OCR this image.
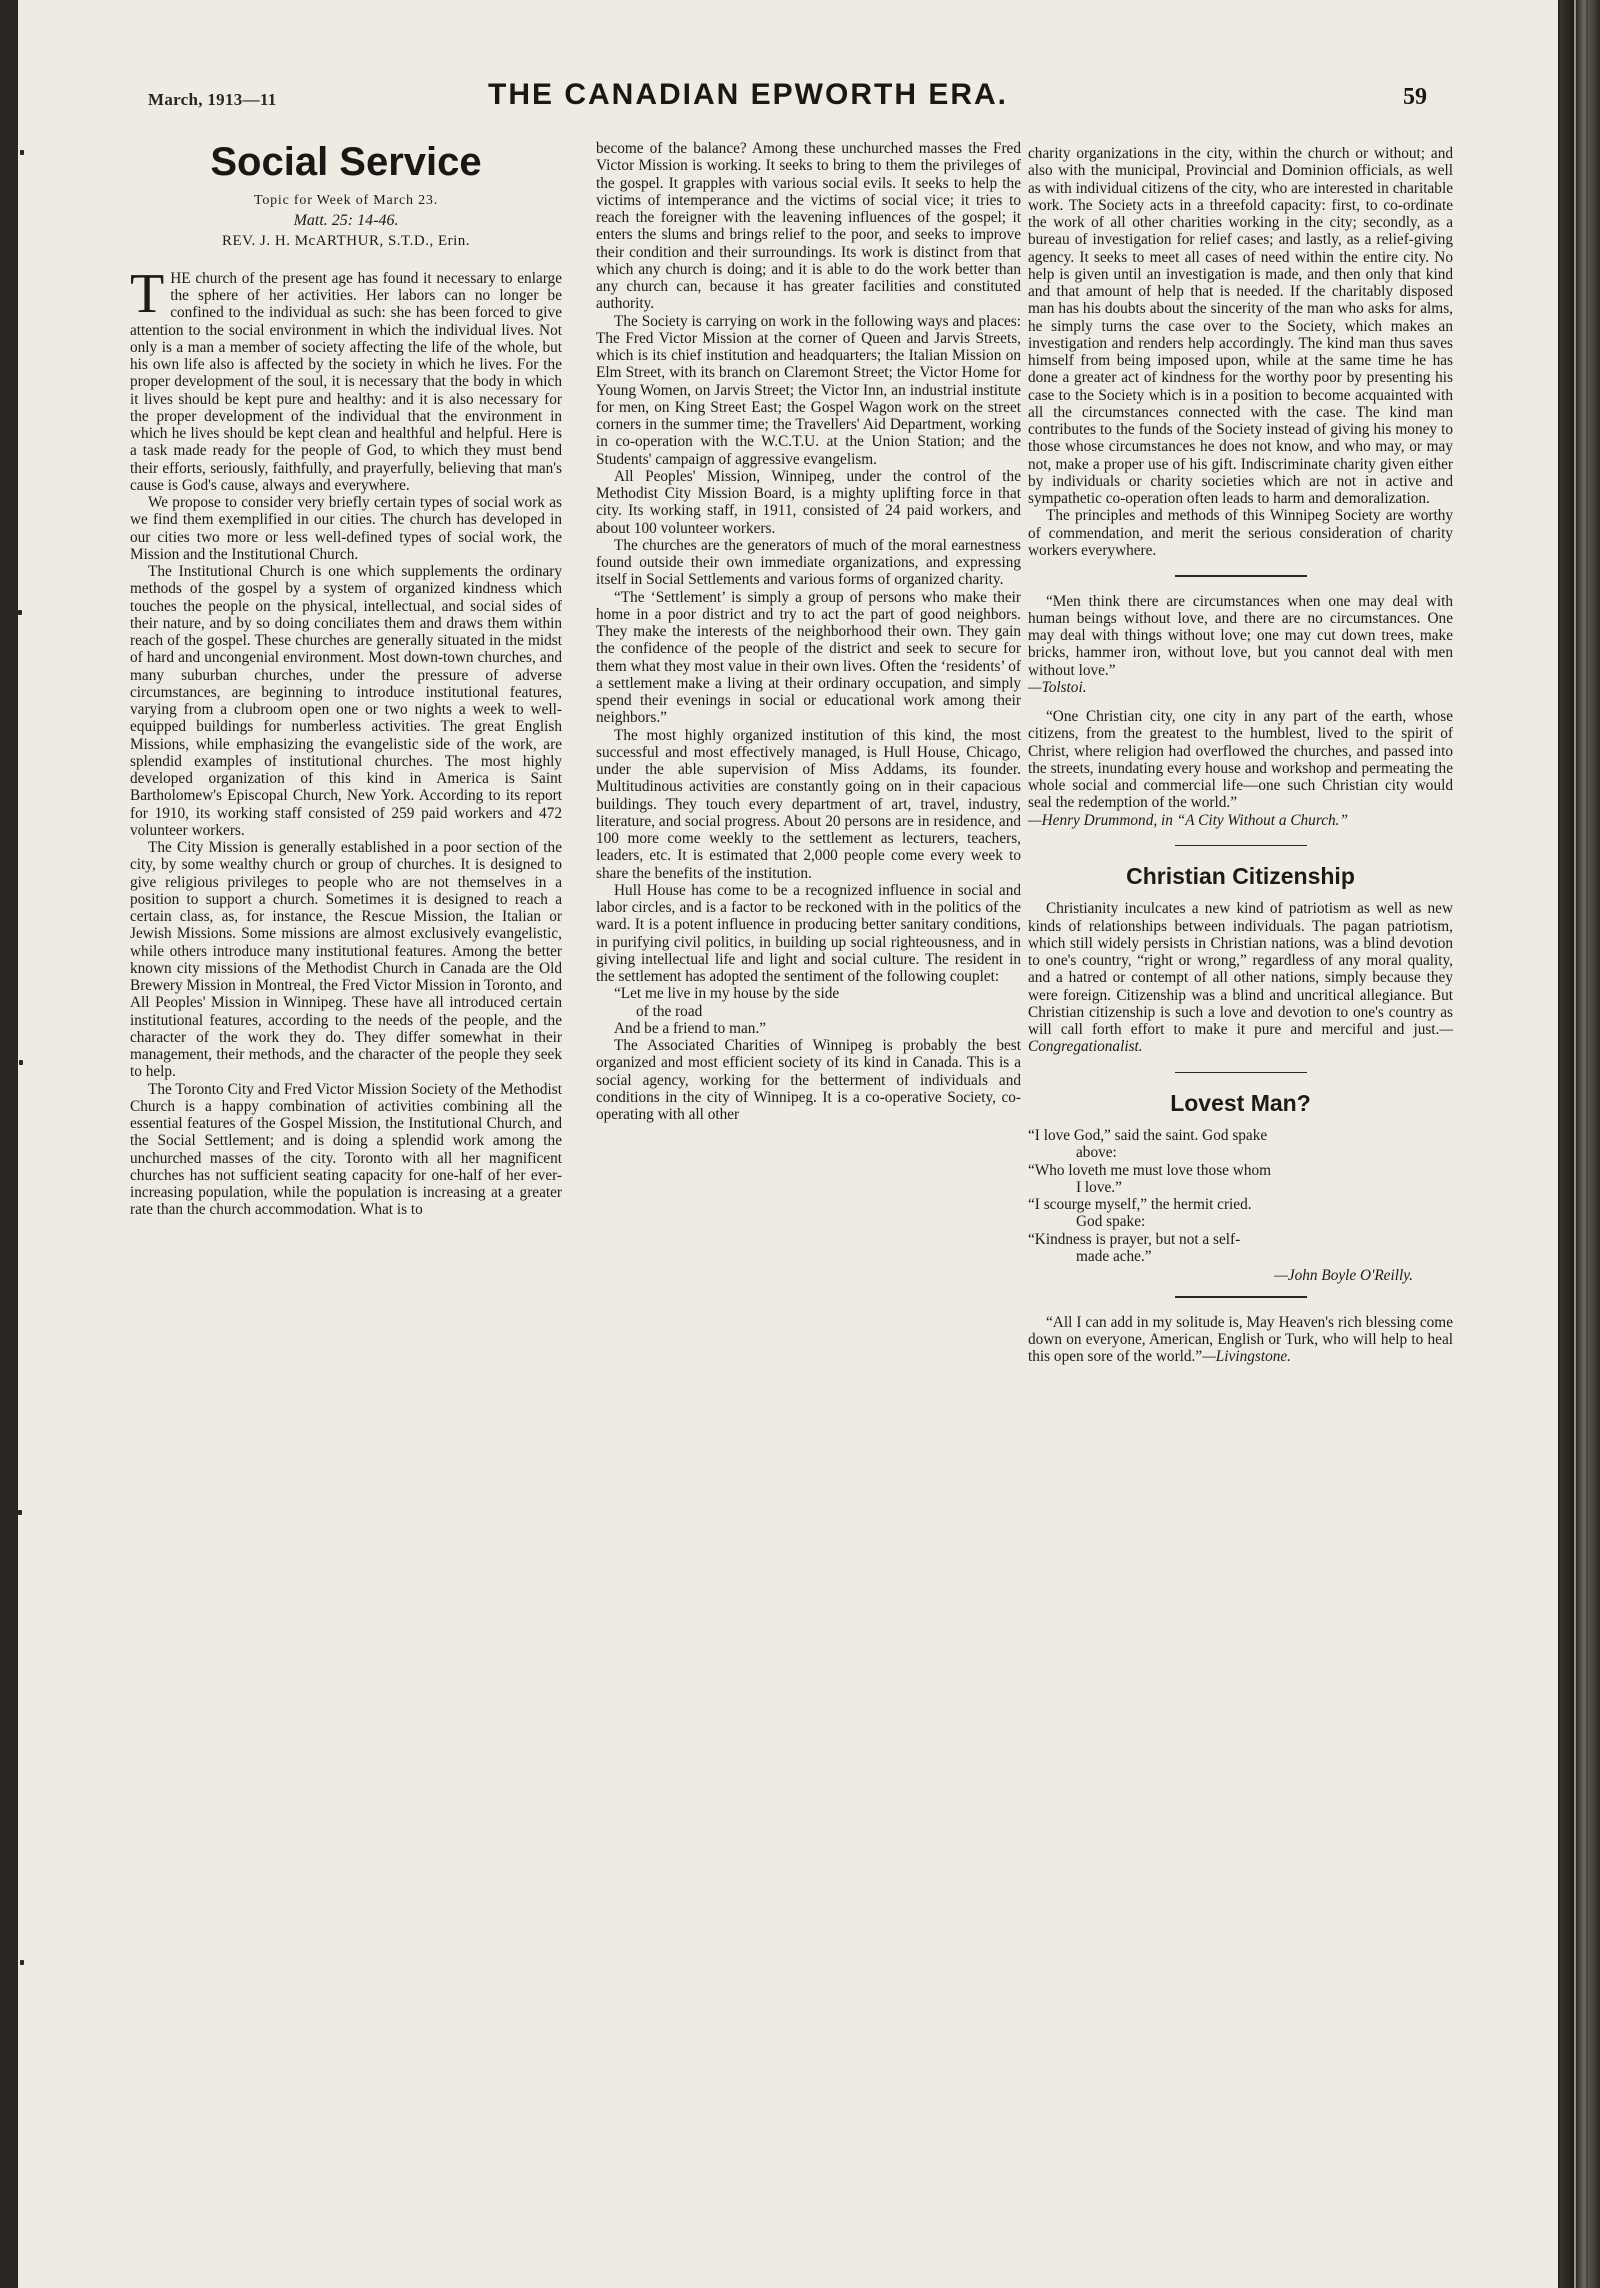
March, 1913—11	THE CANADIAN EPWORTH ERA.	59
Social Service
Topic for Week of March 23.
Matt. 25: 14-46.
REV. J. H. McARTHUR, S.T.D., Erin.

THE church of the present age has found it necessary to enlarge the sphere of her activities. Her labors can no longer be confined to the individual as such: she has been forced to give attention to the social environment in which the individual lives. Not only is a man a member of society affecting the life of the whole, but his own life also is affected by the society in which he lives. For the proper development of the soul, it is necessary that the body in which it lives should be kept pure and healthy: and it is also necessary for the proper development of the individual that the environment in which he lives should be kept clean and healthful and helpful. Here is a task made ready for the people of God, to which they must bend their efforts, seriously, faithfully, and prayerfully, believing that man's cause is God's cause, always and everywhere.

We propose to consider very briefly certain types of social work as we find them exemplified in our cities. The church has developed in our cities two more or less well-defined types of social work, the Mission and the Institutional Church.

The Institutional Church is one which supplements the ordinary methods of the gospel by a system of organized kindness which touches the people on the physical, intellectual, and social sides of their nature, and by so doing conciliates them and draws them within reach of the gospel. These churches are generally situated in the midst of hard and uncongenial environment. Most down-town churches, and many suburban churches, under the pressure of adverse circumstances, are beginning to introduce institutional features, varying from a clubroom open one or two nights a week to well-equipped buildings for numberless activities. The great English Missions, while emphasizing the evangelistic side of the work, are splendid examples of institutional churches. The most highly developed organization of this kind in America is Saint Bartholomew's Episcopal Church, New York. According to its report for 1910, its working staff consisted of 259 paid workers and 472 volunteer workers.

The City Mission is generally established in a poor section of the city, by some wealthy church or group of churches. It is designed to give religious privileges to people who are not themselves in a position to support a church. Sometimes it is designed to reach a certain class, as, for instance, the Rescue Mission, the Italian or Jewish Missions. Some missions are almost exclusively evangelistic, while others introduce many institutional features. Among the better known city missions of the Methodist Church in Canada are the Old Brewery Mission in Montreal, the Fred Victor Mission in Toronto, and All Peoples' Mission in Winnipeg. These have all introduced certain institutional features, according to the needs of the people, and the character of the work they do. They differ somewhat in their management, their methods, and the character of the people they seek to help.

The Toronto City and Fred Victor Mission Society of the Methodist Church is a happy combination of activities combining all the essential features of the Gospel Mission, the Institutional Church, and the Social Settlement; and is doing a splendid work among the unchurched masses of the city. Toronto with all her magnificent churches has not sufficient seating capacity for one-half of her ever-increasing population, while the population is increasing at a greater rate than the church accommodation. What is to

become of the balance? Among these unchurched masses the Fred Victor Mission is working. It seeks to bring to them the privileges of the gospel. It grapples with various social evils. It seeks to help the victims of intemperance and the victims of social vice; it tries to reach the foreigner with the leavening influences of the gospel; it enters the slums and brings relief to the poor, and seeks to improve their condition and their surroundings. Its work is distinct from that which any church is doing; and it is able to do the work better than any church can, because it has greater facilities and constituted authority.

The Society is carrying on work in the following ways and places: The Fred Victor Mission at the corner of Queen and Jarvis Streets, which is its chief institution and headquarters; the Italian Mission on Elm Street, with its branch on Claremont Street; the Victor Home for Young Women, on Jarvis Street; the Victor Inn, an industrial institute for men, on King Street East; the Gospel Wagon work on the street corners in the summer time; the Travellers' Aid Department, working in co-operation with the W.C.T.U. at the Union Station; and the Students' campaign of aggressive evangelism.

All Peoples' Mission, Winnipeg, under the control of the Methodist City Mission Board, is a mighty uplifting force in that city. Its working staff, in 1911, consisted of 24 paid workers, and about 100 volunteer workers.

The churches are the generators of much of the moral earnestness found outside their own immediate organizations, and expressing itself in Social Settlements and various forms of organized charity.

“The ‘Settlement’ is simply a group of persons who make their home in a poor district and try to act the part of good neighbors. They make the interests of the neighborhood their own. They gain the confidence of the people of the district and seek to secure for them what they most value in their own lives. Often the ‘residents’ of a settlement make a living at their ordinary occupation, and simply spend their evenings in social or educational work among their neighbors.”

The most highly organized institution of this kind, the most successful and most effectively managed, is Hull House, Chicago, under the able supervision of Miss Addams, its founder. Multitudinous activities are constantly going on in their capacious buildings. They touch every department of art, travel, industry, literature, and social progress. About 20 persons are in residence, and 100 more come weekly to the settlement as lecturers, teachers, leaders, etc. It is estimated that 2,000 people come every week to share the benefits of the institution.

Hull House has come to be a recognized influence in social and labor circles, and is a factor to be reckoned with in the politics of the ward. It is a potent influence in producing better sanitary conditions, in purifying civil politics, in building up social righteousness, and in giving intellectual life and light and social culture. The resident in the settlement has adopted the sentiment of the following couplet:

“Let me live in my house by the side
of the road
And be a friend to man.”

The Associated Charities of Winnipeg is probably the best organized and most efficient society of its kind in Canada. This is a social agency, working for the betterment of individuals and conditions in the city of Winnipeg. It is a co-operative Society, co-operating with all other

charity organizations in the city, within the church or without; and also with the municipal, Provincial and Dominion officials, as well as with individual citizens of the city, who are interested in charitable work. The Society acts in a threefold capacity: first, to co-ordinate the work of all other charities working in the city; secondly, as a bureau of investigation for relief cases; and lastly, as a relief-giving agency. It seeks to meet all cases of need within the entire city. No help is given until an investigation is made, and then only that kind and that amount of help that is needed. If the charitably disposed man has his doubts about the sincerity of the man who asks for alms, he simply turns the case over to the Society, which makes an investigation and renders help accordingly. The kind man thus saves himself from being imposed upon, while at the same time he has done a greater act of kindness for the worthy poor by presenting his case to the Society which is in a position to become acquainted with all the circumstances connected with the case. The kind man contributes to the funds of the Society instead of giving his money to those whose circumstances he does not know, and who may, or may not, make a proper use of his gift. Indiscriminate charity given either by individuals or charity societies which are not in active and sympathetic co-operation often leads to harm and demoralization.

The principles and methods of this Winnipeg Society are worthy of commendation, and merit the serious consideration of charity workers everywhere.

“Men think there are circumstances when one may deal with human beings without love, and there are no circumstances. One may deal with things without love; one may cut down trees, make bricks, hammer iron, without love, but you cannot deal with men without love.”
—Tolstoi.

“One Christian city, one city in any part of the earth, whose citizens, from the greatest to the humblest, lived to the spirit of Christ, where religion had overflowed the churches, and passed into the streets, inundating every house and workshop and permeating the whole social and commercial life—one such Christian city would seal the redemption of the world.”
—Henry Drummond, in “A City Without a Church.”

Christian Citizenship

Christianity inculcates a new kind of patriotism as well as new kinds of relationships between individuals. The pagan patriotism, which still widely persists in Christian nations, was a blind devotion to one's country, “right or wrong,” regardless of any moral quality, and a hatred or contempt of all other nations, simply because they were foreign. Citizenship was a blind and uncritical allegiance. But Christian citizenship is such a love and devotion to one's country as will call forth effort to make it pure and merciful and just.—Congregationalist.

Lovest Man?
“I love God,” said the saint. God spake
above:
“Who loveth me must love those whom
I love.”
“I scourge myself,” the hermit cried.
God spake:
“Kindness is prayer, but not a self-
made ache.”
—John Boyle O'Reilly.

“All I can add in my solitude is, May Heaven's rich blessing come down on everyone, American, English or Turk, who will help to heal this open sore of the world.”—Livingstone.
